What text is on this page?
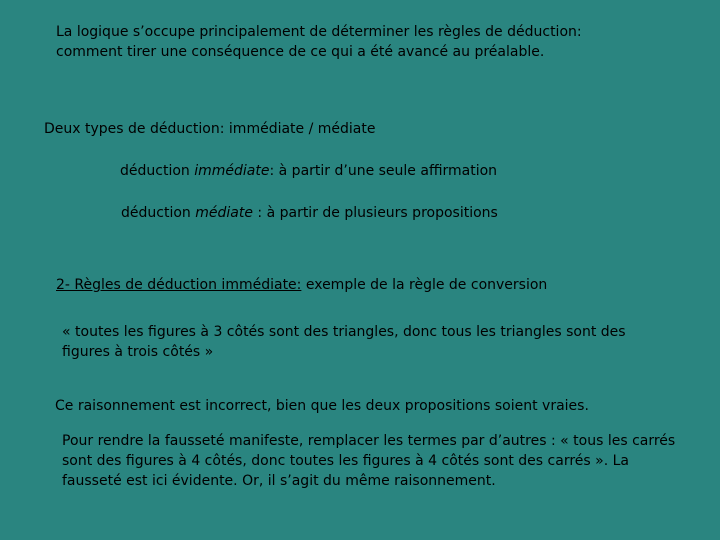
La logique s’occupe principalement de déterminer les règles de déduction:
comment tirer une conséquence de ce qui a été avancé au préalable.
Deux types de déduction: immédiate / médiate
déduction immédiate: à partir d’une seule affirmation
déduction médiate : à partir de plusieurs propositions
2- Règles de déduction immédiate: exemple de la règle de conversion
« toutes les figures à 3 côtés sont des triangles, donc tous les triangles sont des
figures à trois côtés »
Ce raisonnement est incorrect, bien que les deux propositions soient vraies.
Pour rendre la fausseté manifeste, remplacer les termes par d’autres : « tous les carrés
sont des figures à 4 côtés, donc toutes les figures à 4 côtés sont des carrés ». La
fausseté est ici évidente. Or, il s’agit du même raisonnement.
